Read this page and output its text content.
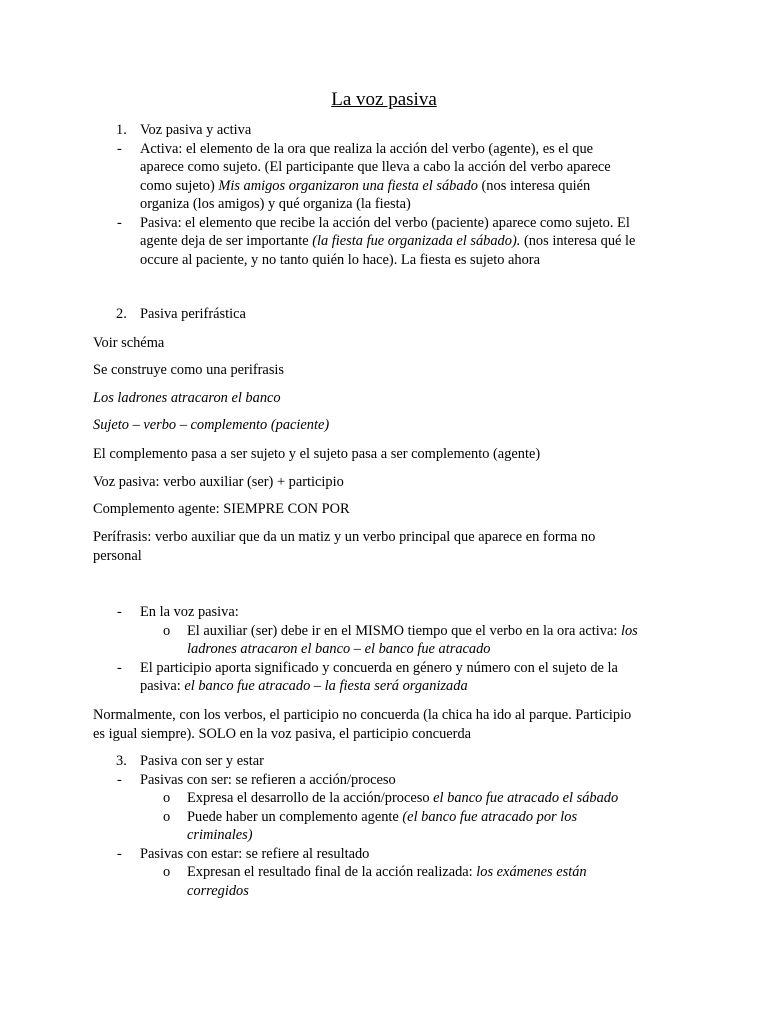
La voz pasiva
1. Voz pasiva y activa
- Activa: el elemento de la ora que realiza la acción del verbo (agente), es el que
aparece como sujeto. (El participante que lleva a cabo la acción del verbo aparece
como sujeto) Mis amigos organizaron una fiesta el sábado (nos interesa quién
organiza (los amigos) y qué organiza (la fiesta)
- Pasiva: el elemento que recibe la acción del verbo (paciente) aparece como sujeto. El
agente deja de ser importante (la fiesta fue organizada el sábado). (nos interesa qué le
occure al paciente, y no tanto quién lo hace). La fiesta es sujeto ahora
2. Pasiva perifrástica
Voir schéma
Se construye como una perifrasis
Los ladrones atracaron el banco
Sujeto – verbo – complemento (paciente)
El complemento pasa a ser sujeto y el sujeto pasa a ser complemento (agente)
Voz pasiva: verbo auxiliar (ser) + participio
Complemento agente: SIEMPRE CON POR
Perífrasis: verbo auxiliar que da un matiz y un verbo principal que aparece en forma no
personal
- En la voz pasiva:
o El auxiliar (ser) debe ir en el MISMO tiempo que el verbo en la ora activa: los
ladrones atracaron el banco – el banco fue atracado
- El participio aporta significado y concuerda en género y número con el sujeto de la
pasiva: el banco fue atracado – la fiesta será organizada
Normalmente, con los verbos, el participio no concuerda (la chica ha ido al parque. Participio
es igual siempre). SOLO en la voz pasiva, el participio concuerda
3. Pasiva con ser y estar
- Pasivas con ser: se refieren a acción/proceso
o Expresa el desarrollo de la acción/proceso el banco fue atracado el sábado
o Puede haber un complemento agente (el banco fue atracado por los
criminales)
- Pasivas con estar: se refiere al resultado
o Expresan el resultado final de la acción realizada: los exámenes están
corregidos
